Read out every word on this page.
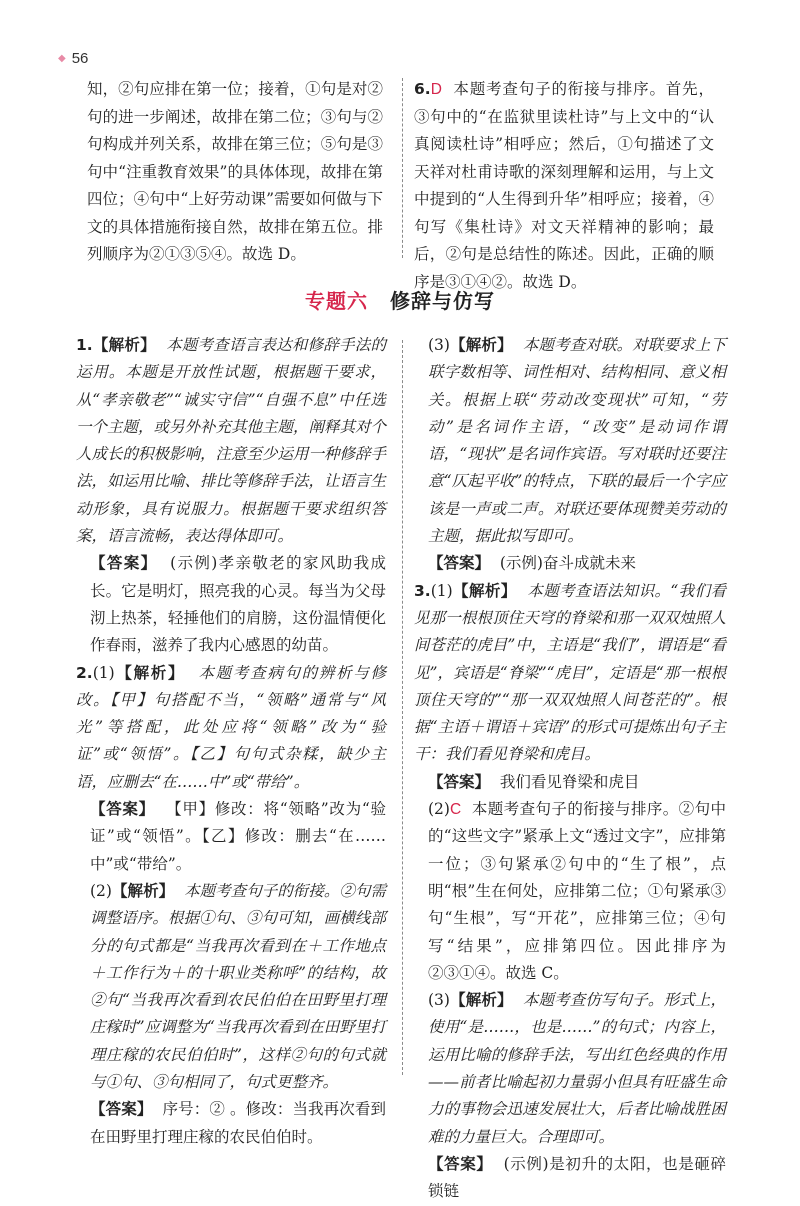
◆ 56

知，②句应排在第一位；接着，①句是对②句的进一步阐述，故排在第二位；③句与②句构成并列关系，故排在第三位；⑤句是③句中“注重教育效果”的具体体现，故排在第四位；④句中“上好劳动课”需要如何做与下文的具体措施衔接自然，故排在第五位。排列顺序为②①③⑤④。故选 D。

6.D 本题考查句子的衔接与排序。首先，③句中的“在监狱里读杜诗”与上文中的“认真阅读杜诗”相呼应；然后，①句描述了文天祥对杜甫诗歌的深刻理解和运用，与上文中提到的“人生得到升华”相呼应；接着，④句写《集杜诗》对文天祥精神的影响；最后，②句是总结性的陈述。因此，正确的顺序是③①④②。故选 D。

专题六 修辞与仿写

1.【解析】 本题考查语言表达和修辞手法的运用。本题是开放性试题，根据题干要求，从“孝亲敬老”“诚实守信”“自强不息”中任选一个主题，或另外补充其他主题，阐释其对个人成长的积极影响，注意至少运用一种修辞手法，如运用比喻、排比等修辞手法，让语言生动形象，具有说服力。根据题干要求组织答案，语言流畅，表达得体即可。

【答案】 (示例)孝亲敬老的家风助我成长。它是明灯，照亮我的心灵。每当为父母沏上热茶，轻捶他们的肩膀，这份温情便化作春雨，滋养了我内心感恩的幼苗。

2.(1)【解析】 本题考查病句的辨析与修改。【甲】句搭配不当，“领略”通常与“风光”等搭配，此处应将“领略”改为“验证”或“领悟”。【乙】句句式杂糅，缺少主语，应删去“在……中”或“带给”。

【答案】 【甲】修改：将“领略”改为“验证”或“领悟”。【乙】修改：删去“在……中”或“带给”。

(2)【解析】 本题考查句子的衔接。②句需调整语序。根据①句、③句可知，画横线部分的句式都是“当我再次看到在＋工作地点＋工作行为＋的十职业类称呼”的结构，故②句“当我再次看到农民伯伯在田野里打理庄稼时”应调整为“当我再次看到在田野里打理庄稼的农民伯伯时”，这样②句的句式就与①句、③句相同了，句式更整齐。

【答案】 序号：② 。修改：当我再次看到在田野里打理庄稼的农民伯伯时。

(3)【解析】 本题考查对联。对联要求上下联字数相等、词性相对、结构相同、意义相关。根据上联“劳动改变现状”可知，“劳动”是名词作主语，“改变”是动词作谓语，“现状”是名词作宾语。写对联时还要注意“仄起平收”的特点，下联的最后一个字应该是一声或二声。对联还要体现赞美劳动的主题，据此拟写即可。

【答案】 (示例)奋斗成就未来

3.(1)【解析】 本题考查语法知识。“我们看见那一根根顶住天穹的脊梁和那一双双烛照人间苍茫的虎目”中，主语是“我们”，谓语是“看见”，宾语是“脊梁”“虎目”，定语是“那一根根顶住天穹的”“那一双双烛照人间苍茫的”。根据“主语＋谓语＋宾语”的形式可提炼出句子主干：我们看见脊梁和虎目。

【答案】 我们看见脊梁和虎目

(2)C 本题考查句子的衔接与排序。②句中的“这些文字”紧承上文“透过文字”，应排第一位；③句紧承②句中的“生了根”，点明“根”生在何处，应排第二位；①句紧承③句“生根”，写“开花”，应排第三位；④句写“结果”，应排第四位。因此排序为②③①④。故选 C。

(3)【解析】 本题考查仿写句子。形式上，使用“是……，也是……”的句式；内容上，运用比喻的修辞手法，写出红色经典的作用——前者比喻起初力量弱小但具有旺盛生命力的事物会迅速发展壮大，后者比喻战胜困难的力量巨大。合理即可。

【答案】 (示例)是初升的太阳，也是砸碎锁链
